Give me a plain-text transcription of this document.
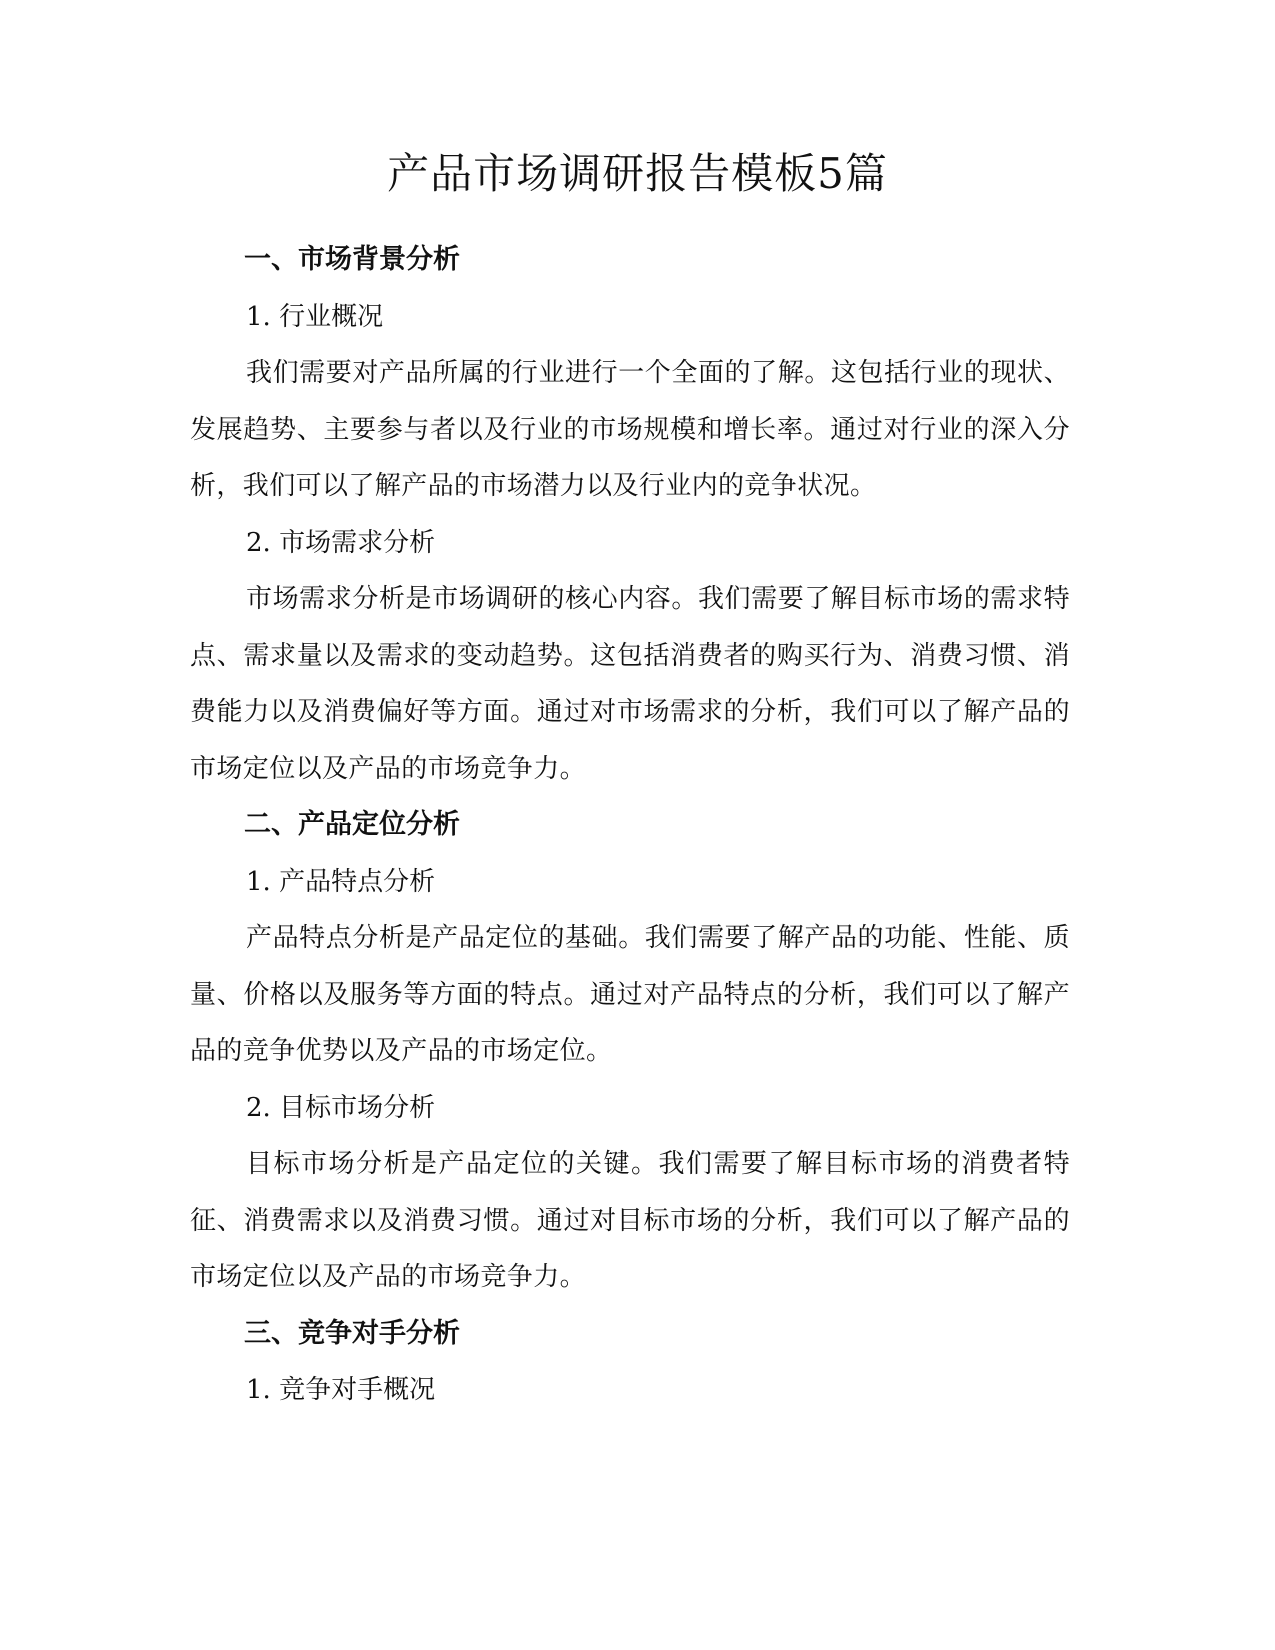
产品市场调研报告模板5篇

一、市场背景分析

1. 行业概况

我们需要对产品所属的行业进行一个全面的了解。这包括行业的现状、发展趋势、主要参与者以及行业的市场规模和增长率。通过对行业的深入分析，我们可以了解产品的市场潜力以及行业内的竞争状况。

2. 市场需求分析

市场需求分析是市场调研的核心内容。我们需要了解目标市场的需求特点、需求量以及需求的变动趋势。这包括消费者的购买行为、消费习惯、消费能力以及消费偏好等方面。通过对市场需求的分析，我们可以了解产品的市场定位以及产品的市场竞争力。

二、产品定位分析

1. 产品特点分析

产品特点分析是产品定位的基础。我们需要了解产品的功能、性能、质量、价格以及服务等方面的特点。通过对产品特点的分析，我们可以了解产品的竞争优势以及产品的市场定位。

2. 目标市场分析

目标市场分析是产品定位的关键。我们需要了解目标市场的消费者特征、消费需求以及消费习惯。通过对目标市场的分析，我们可以了解产品的市场定位以及产品的市场竞争力。

三、竞争对手分析

1. 竞争对手概况
